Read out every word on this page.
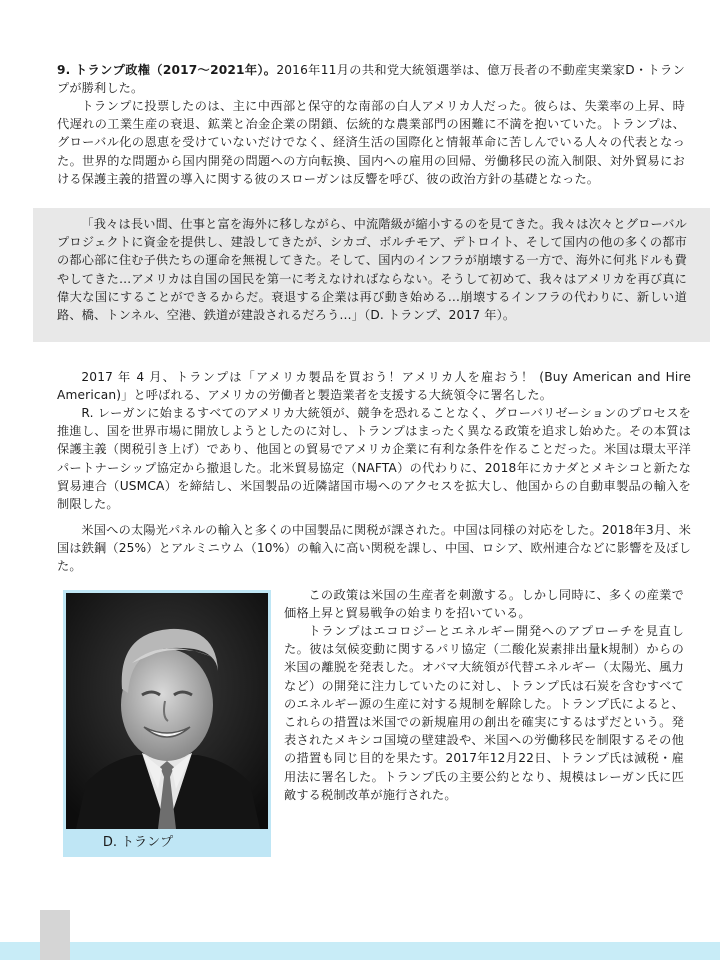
9. トランプ政権（2017〜2021年）。2016年11月の共和党大統領選挙は、億万長者の不動産実業家D・トランプが勝利した。

トランプに投票したのは、主に中西部と保守的な南部の白人アメリカ人だった。彼らは、失業率の上昇、時代遅れの工業生産の衰退、鉱業と冶金企業の閉鎖、伝統的な農業部門の困難に不満を抱いていた。トランプは、グローバル化の恩恵を受けていないだけでなく、経済生活の国際化と情報革命に苦しんでいる人々の代表となった。世界的な問題から国内開発の問題への方向転換、国内への雇用の回帰、労働移民の流入制限、対外貿易における保護主義的措置の導入に関する彼のスローガンは反響を呼び、彼の政治方針の基礎となった。

「我々は長い間、仕事と富を海外に移しながら、中流階級が縮小するのを見てきた。我々は次々とグローバルプロジェクトに資金を提供し、建設してきたが、シカゴ、ボルチモア、デトロイト、そして国内の他の多くの都市の都心部に住む子供たちの運命を無視してきた。そして、国内のインフラが崩壊する一方で、海外に何兆ドルも費やしてきた…アメリカは自国の国民を第一に考えなければならない。そうして初めて、我々はアメリカを再び真に偉大な国にすることができるからだ。衰退する企業は再び動き始める…崩壊するインフラの代わりに、新しい道路、橋、トンネル、空港、鉄道が建設されるだろう…」（D. トランプ、2017 年）。

2017 年 4 月、トランプは「アメリカ製品を買おう！アメリカ人を雇おう！ (Buy American and Hire American)」と呼ばれる、アメリカの労働者と製造業者を支援する大統領令に署名した。

R. レーガンに始まるすべてのアメリカ大統領が、競争を恐れることなく、グローバリゼーションのプロセスを推進し、国を世界市場に開放しようとしたのに対し、トランプはまったく異なる政策を追求し始めた。その本質は保護主義（関税引き上げ）であり、他国との貿易でアメリカ企業に有利な条件を作ることだった。米国は環太平洋パートナーシップ協定から撤退した。北米貿易協定（NAFTA）の代わりに、2018年にカナダとメキシコと新たな貿易連合（USMCA）を締結し、米国製品の近隣諸国市場へのアクセスを拡大し、他国からの自動車製品の輸入を制限した。

米国への太陽光パネルの輸入と多くの中国製品に関税が課された。中国は同様の対応をした。2018年3月、米国は鉄鋼（25%）とアルミニウム（10%）の輸入に高い関税を課し、中国、ロシア、欧州連合などに影響を及ぼした。

D. トランプ

この政策は米国の生産者を刺激する。しかし同時に、多くの産業で価格上昇と貿易戦争の始まりを招いている。

トランプはエコロジーとエネルギー開発へのアプローチを見直した。彼は気候変動に関するパリ協定（二酸化炭素排出量k規制）からの米国の離脱を発表した。オバマ大統領が代替エネルギー（太陽光、風力など）の開発に注力していたのに対し、トランプ氏は石炭を含むすべてのエネルギー源の生産に対する規制を解除した。トランプ氏によると、これらの措置は米国での新規雇用の創出を確実にするはずだという。発表されたメキシコ国境の壁建設や、米国への労働移民を制限するその他の措置も同じ目的を果たす。2017年12月22日、トランプ氏は減税・雇用法に署名した。トランプ氏の主要公約となり、規模はレーガン氏に匹敵する税制改革が施行された。
